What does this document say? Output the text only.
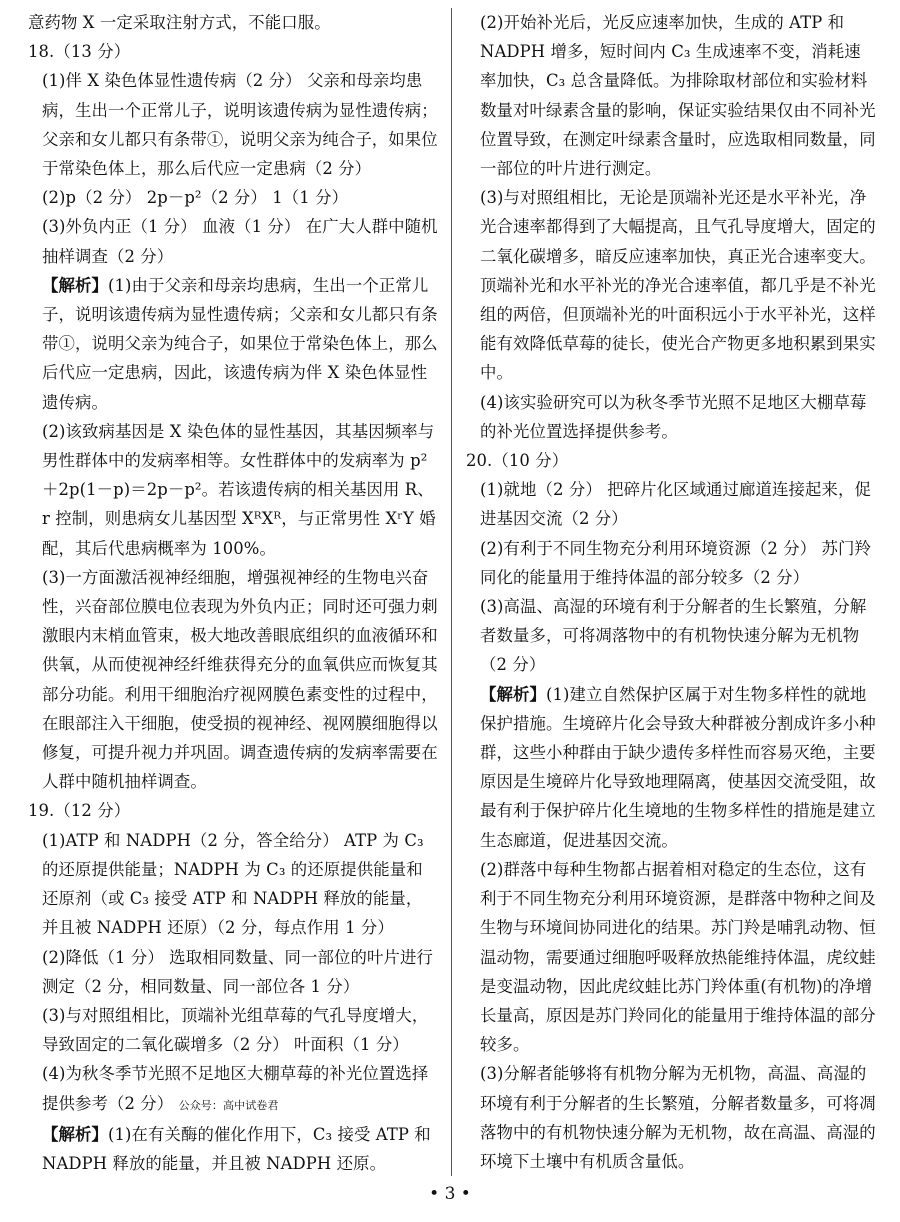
意药物 X 一定采取注射方式，不能口服。

18.（13 分）

(1)伴 X 染色体显性遗传病（2 分） 父亲和母亲均患病，生出一个正常儿子，说明该遗传病为显性遗传病；父亲和女儿都只有条带①，说明父亲为纯合子，如果位于常染色体上，那么后代应一定患病（2 分）

(2)p（2 分） 2p－p²（2 分） 1（1 分）

(3)外负内正（1 分） 血液（1 分） 在广大人群中随机抽样调查（2 分）

【解析】(1)由于父亲和母亲均患病，生出一个正常儿子，说明该遗传病为显性遗传病；父亲和女儿都只有条带①，说明父亲为纯合子，如果位于常染色体上，那么后代应一定患病，因此，该遗传病为伴 X 染色体显性遗传病。

(2)该致病基因是 X 染色体的显性基因，其基因频率与男性群体中的发病率相等。女性群体中的发病率为 p²＋2p(1－p)＝2p－p²。若该遗传病的相关基因用 R、r 控制，则患病女儿基因型 XᴿXᴿ，与正常男性 XʳY 婚配，其后代患病概率为 100%。

(3)一方面激活视神经细胞，增强视神经的生物电兴奋性，兴奋部位膜电位表现为外负内正；同时还可强力刺激眼内末梢血管束，极大地改善眼底组织的血液循环和供氧，从而使视神经纤维获得充分的血氧供应而恢复其部分功能。利用干细胞治疗视网膜色素变性的过程中，在眼部注入干细胞，使受损的视神经、视网膜细胞得以修复，可提升视力并巩固。调查遗传病的发病率需要在人群中随机抽样调查。

19.（12 分）

(1)ATP 和 NADPH（2 分，答全给分） ATP 为 C₃ 的还原提供能量；NADPH 为 C₃ 的还原提供能量和还原剂（或 C₃ 接受 ATP 和 NADPH 释放的能量，并且被 NADPH 还原）（2 分，每点作用 1 分）

(2)降低（1 分） 选取相同数量、同一部位的叶片进行测定（2 分，相同数量、同一部位各 1 分）

(3)与对照组相比，顶端补光组草莓的气孔导度增大，导致固定的二氧化碳增多（2 分） 叶面积（1 分）

(4)为秋冬季节光照不足地区大棚草莓的补光位置选择提供参考（2 分） 公众号：高中试卷君

【解析】(1)在有关酶的催化作用下，C₃ 接受 ATP 和 NADPH 释放的能量，并且被 NADPH 还原。

(2)开始补光后，光反应速率加快，生成的 ATP 和 NADPH 增多，短时间内 C₃ 生成速率不变，消耗速率加快，C₃ 总含量降低。为排除取材部位和实验材料数量对叶绿素含量的影响，保证实验结果仅由不同补光位置导致，在测定叶绿素含量时，应选取相同数量，同一部位的叶片进行测定。

(3)与对照组相比，无论是顶端补光还是水平补光，净光合速率都得到了大幅提高，且气孔导度增大，固定的二氧化碳增多，暗反应速率加快，真正光合速率变大。顶端补光和水平补光的净光合速率值，都几乎是不补光组的两倍，但顶端补光的叶面积远小于水平补光，这样能有效降低草莓的徒长，使光合产物更多地积累到果实中。

(4)该实验研究可以为秋冬季节光照不足地区大棚草莓的补光位置选择提供参考。

20.（10 分）

(1)就地（2 分） 把碎片化区域通过廊道连接起来，促进基因交流（2 分）

(2)有利于不同生物充分利用环境资源（2 分） 苏门羚同化的能量用于维持体温的部分较多（2 分）

(3)高温、高湿的环境有利于分解者的生长繁殖，分解者数量多，可将凋落物中的有机物快速分解为无机物（2 分）

【解析】(1)建立自然保护区属于对生物多样性的就地保护措施。生境碎片化会导致大种群被分割成许多小种群，这些小种群由于缺少遗传多样性而容易灭绝，主要原因是生境碎片化导致地理隔离，使基因交流受阻，故最有利于保护碎片化生境地的生物多样性的措施是建立生态廊道，促进基因交流。

(2)群落中每种生物都占据着相对稳定的生态位，这有利于不同生物充分利用环境资源，是群落中物种之间及生物与环境间协同进化的结果。苏门羚是哺乳动物、恒温动物，需要通过细胞呼吸释放热能维持体温，虎纹蛙是变温动物，因此虎纹蛙比苏门羚体重(有机物)的净增长量高，原因是苏门羚同化的能量用于维持体温的部分较多。

(3)分解者能够将有机物分解为无机物，高温、高湿的环境有利于分解者的生长繁殖，分解者数量多，可将凋落物中的有机物快速分解为无机物，故在高温、高湿的环境下土壤中有机质含量低。

• 3 •
